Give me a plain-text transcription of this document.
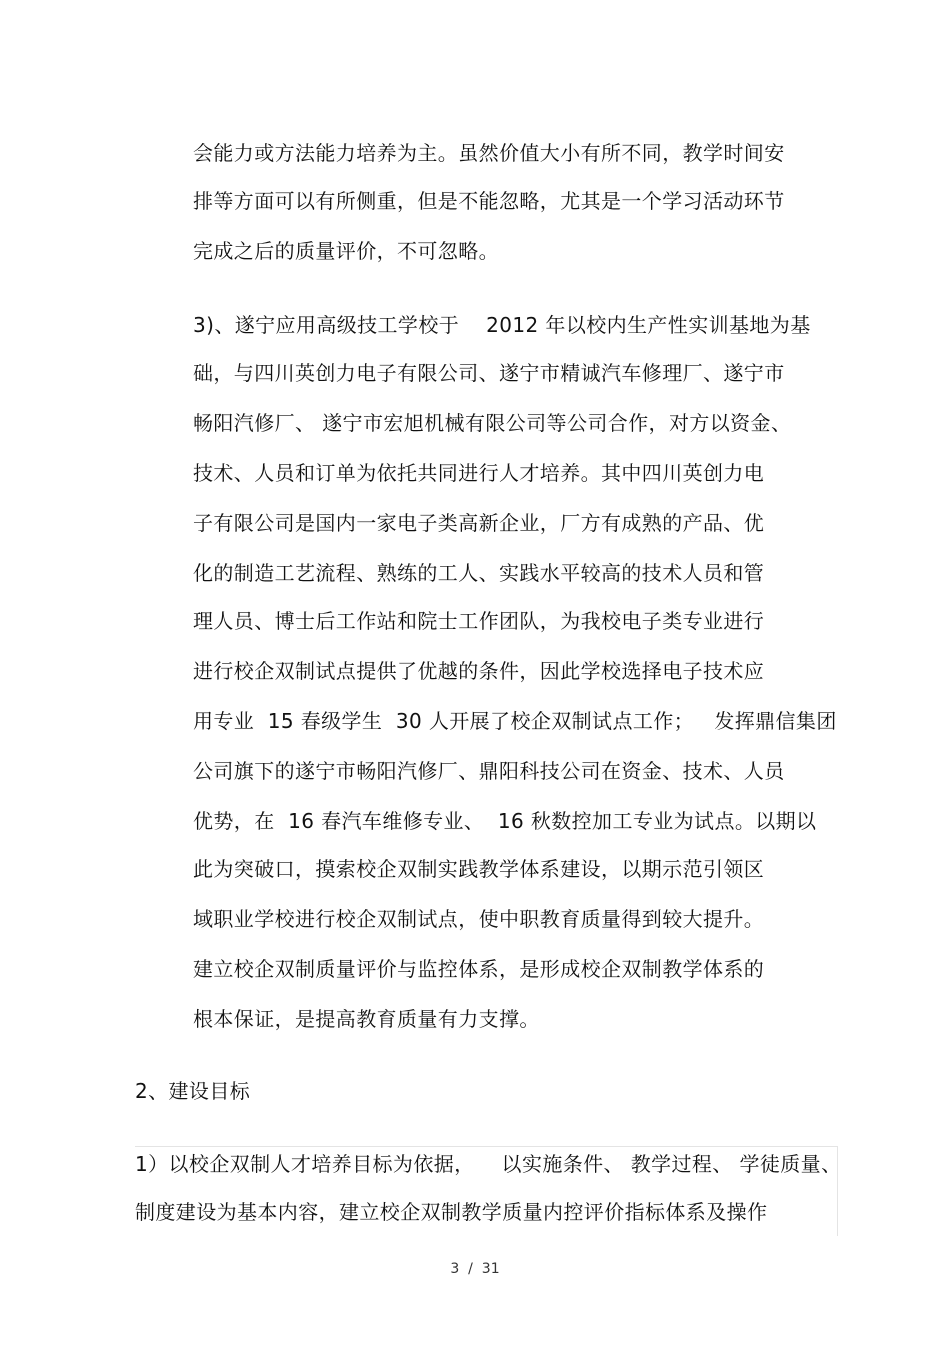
会能力或方法能力培养为主。虽然价值大小有所不同，教学时间安
排等方面可以有所侧重，但是不能忽略，尤其是一个学习活动环节
完成之后的质量评价，不可忽略。
3)、遂宁应用高级技工学校于    2012 年以校内生产性实训基地为基
础，与四川英创力电子有限公司、遂宁市精诚汽车修理厂、遂宁市
畅阳汽修厂、 遂宁市宏旭机械有限公司等公司合作，对方以资金、
技术、人员和订单为依托共同进行人才培养。其中四川英创力电
子有限公司是国内一家电子类高新企业，厂方有成熟的产品、优
化的制造工艺流程、熟练的工人、实践水平较高的技术人员和管
理人员、博士后工作站和院士工作团队，为我校电子类专业进行
进行校企双制试点提供了优越的条件，因此学校选择电子技术应
用专业  15 春级学生  30 人开展了校企双制试点工作；   发挥鼎信集团
公司旗下的遂宁市畅阳汽修厂、鼎阳科技公司在资金、技术、人员
优势，在  16 春汽车维修专业、  16 秋数控加工专业为试点。以期以
此为突破口，摸索校企双制实践教学体系建设，以期示范引领区
域职业学校进行校企双制试点，使中职教育质量得到较大提升。
建立校企双制质量评价与监控体系，是形成校企双制教学体系的
根本保证，是提高教育质量有力支撑。
2、建设目标
1）以校企双制人才培养目标为依据，    以实施条件、 教学过程、 学徒质量、
制度建设为基本内容，建立校企双制教学质量内控评价指标体系及操作
3  /  31
